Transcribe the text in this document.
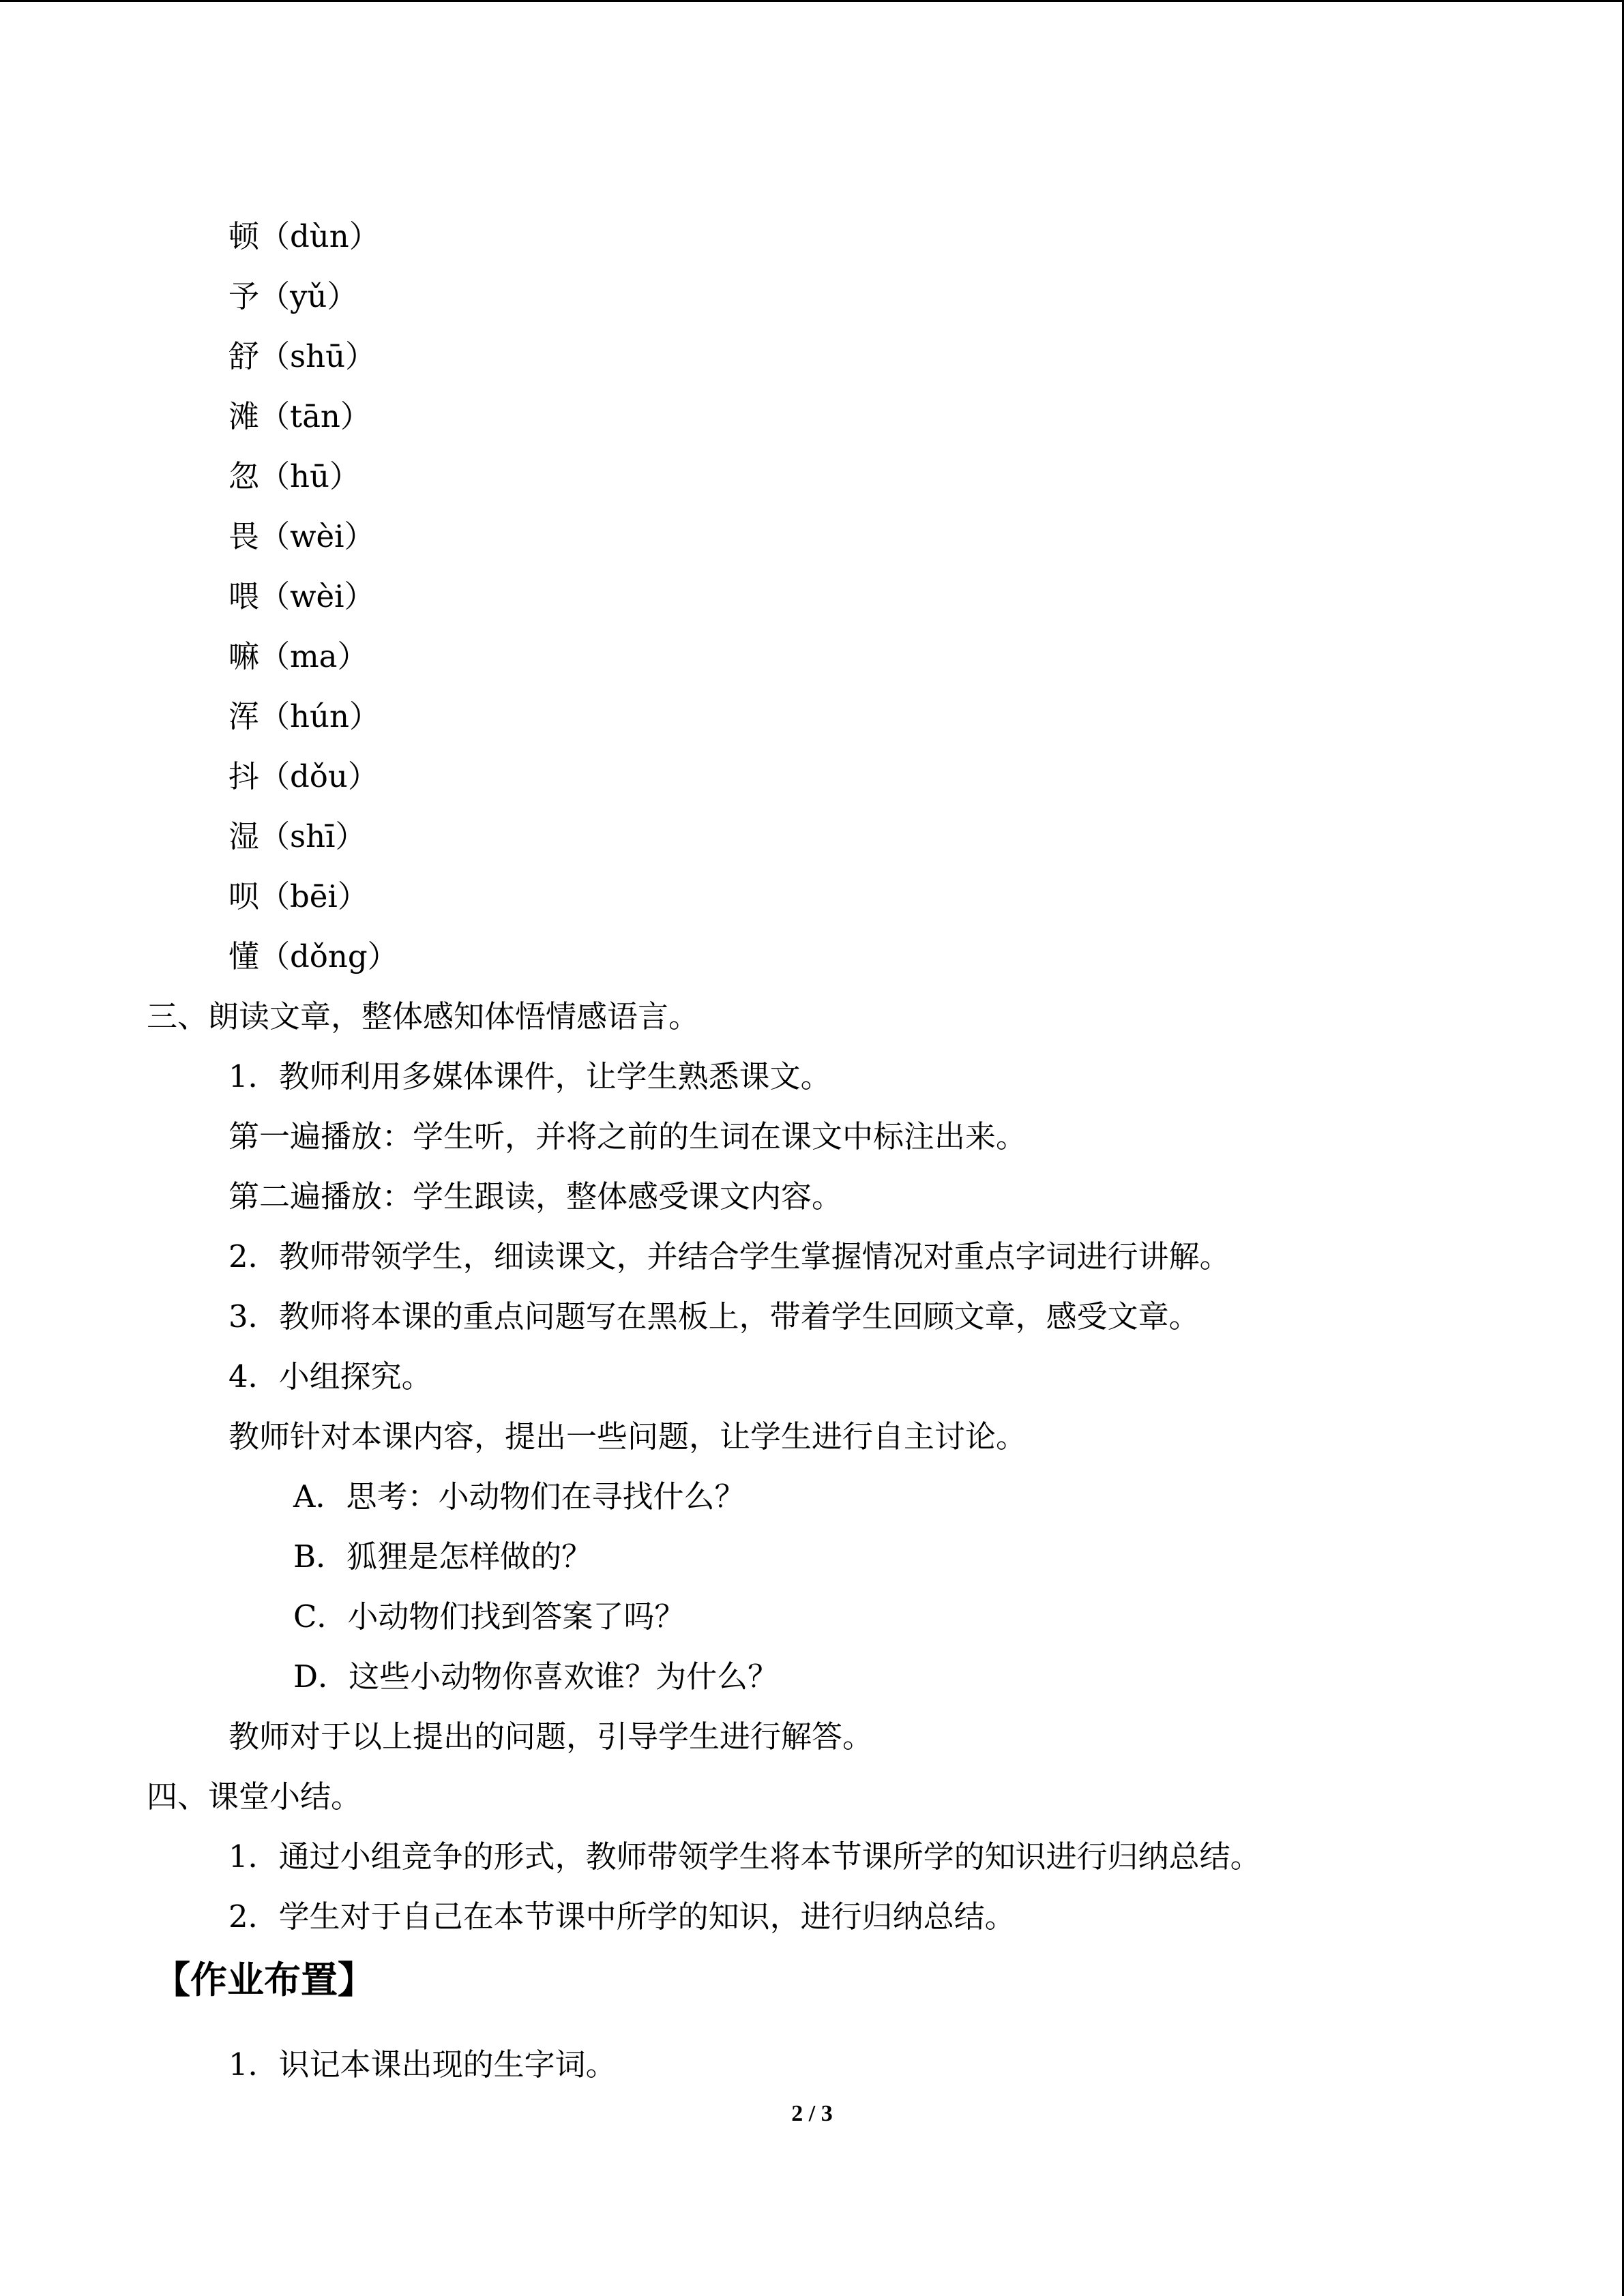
顿（dùn）
予（yǔ）
舒（shū）
滩（tān）
忽（hū）
畏（wèi）
喂（wèi）
嘛（ma）
浑（hún）
抖（dǒu）
湿（shī）
呗（bēi）
懂（dǒng）
三、朗读文章，整体感知体悟情感语言。
1．教师利用多媒体课件，让学生熟悉课文。
第一遍播放：学生听，并将之前的生词在课文中标注出来。
第二遍播放：学生跟读，整体感受课文内容。
2．教师带领学生，细读课文，并结合学生掌握情况对重点字词进行讲解。
3．教师将本课的重点问题写在黑板上，带着学生回顾文章，感受文章。
4．小组探究。
教师针对本课内容，提出一些问题，让学生进行自主讨论。
A．思考：小动物们在寻找什么？
B．狐狸是怎样做的？
C．小动物们找到答案了吗？
D．这些小动物你喜欢谁？为什么？
教师对于以上提出的问题，引导学生进行解答。
四、课堂小结。
1．通过小组竞争的形式，教师带领学生将本节课所学的知识进行归纳总结。
2．学生对于自己在本节课中所学的知识，进行归纳总结。
【作业布置】
1．识记本课出现的生字词。
2 / 3
